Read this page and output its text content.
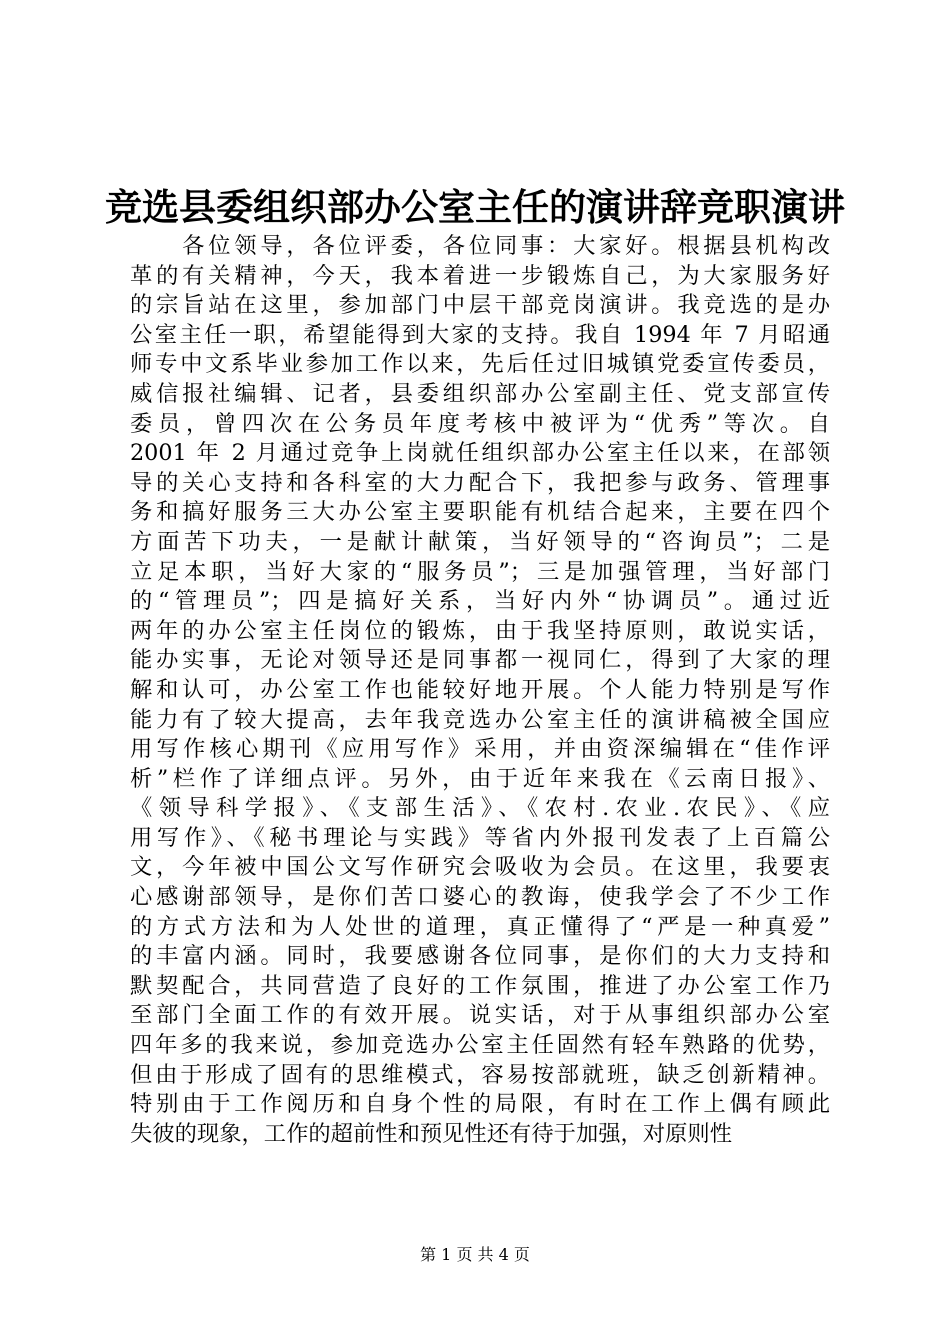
竞选县委组织部办公室主任的演讲辞竞职演讲
　　各位领导，各位评委，各位同事：大家好。根据县机构改
革的有关精神，今天，我本着进一步锻炼自己，为大家服务好
的宗旨站在这里，参加部门中层干部竞岗演讲。我竞选的是办
公室主任一职，希望能得到大家的支持。我自 1994 年 7 月昭通
师专中文系毕业参加工作以来，先后任过旧城镇党委宣传委员，
威信报社编辑、记者，县委组织部办公室副主任、党支部宣传
委员，曾四次在公务员年度考核中被评为“优秀”等次。自
2001 年 2 月通过竞争上岗就任组织部办公室主任以来，在部领
导的关心支持和各科室的大力配合下，我把参与政务、管理事
务和搞好服务三大办公室主要职能有机结合起来，主要在四个
方面苦下功夫，一是献计献策，当好领导的“咨询员”；二是
立足本职，当好大家的“服务员”；三是加强管理，当好部门
的“管理员”；四是搞好关系，当好内外“协调员”。通过近
两年的办公室主任岗位的锻炼，由于我坚持原则，敢说实话，
能办实事，无论对领导还是同事都一视同仁，得到了大家的理
解和认可，办公室工作也能较好地开展。个人能力特别是写作
能力有了较大提高，去年我竞选办公室主任的演讲稿被全国应
用写作核心期刊《应用写作》采用，并由资深编辑在“佳作评
析”栏作了详细点评。另外，由于近年来我在《云南日报》、
《领导科学报》、《支部生活》、《农村.农业.农民》、《应
用写作》、《秘书理论与实践》等省内外报刊发表了上百篇公
文，今年被中国公文写作研究会吸收为会员。在这里，我要衷
心感谢部领导，是你们苦口婆心的教诲，使我学会了不少工作
的方式方法和为人处世的道理，真正懂得了“严是一种真爱”
的丰富内涵。同时，我要感谢各位同事，是你们的大力支持和
默契配合，共同营造了良好的工作氛围，推进了办公室工作乃
至部门全面工作的有效开展。说实话，对于从事组织部办公室
四年多的我来说，参加竞选办公室主任固然有轻车熟路的优势，
但由于形成了固有的思维模式，容易按部就班，缺乏创新精神。
特别由于工作阅历和自身个性的局限，有时在工作上偶有顾此
失彼的现象，工作的超前性和预见性还有待于加强，对原则性
第 1 页 共 4 页
